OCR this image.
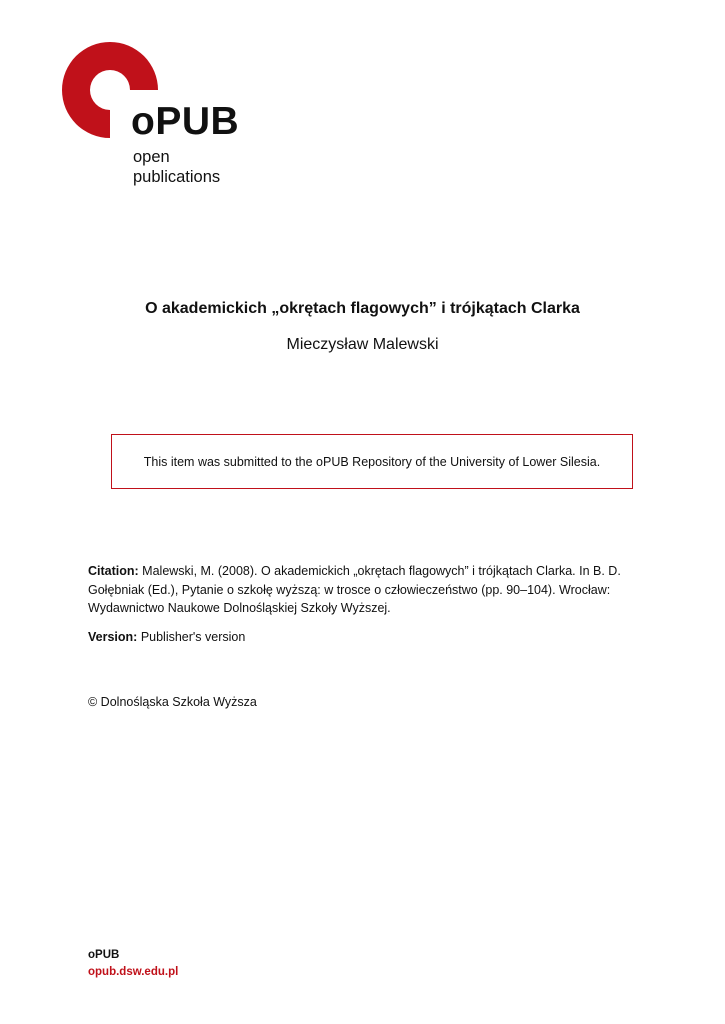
oPUB
open
publications
O akademickich „okrętach flagowych” i trójkątach Clarka
Mieczysław Malewski
This item was submitted to the oPUB Repository of the University of Lower Silesia.
Citation: Malewski, M. (2008). O akademickich „okrętach flagowych” i trójkątach Clarka. In B. D. Gołębniak (Ed.), Pytanie o szkołę wyższą: w trosce o człowieczeństwo (pp. 90–104). Wrocław: Wydawnictwo Naukowe Dolnośląskiej Szkoły Wyższej.
Version: Publisher's version
© Dolnośląska Szkoła Wyższa
oPUB
opub.dsw.edu.pl
